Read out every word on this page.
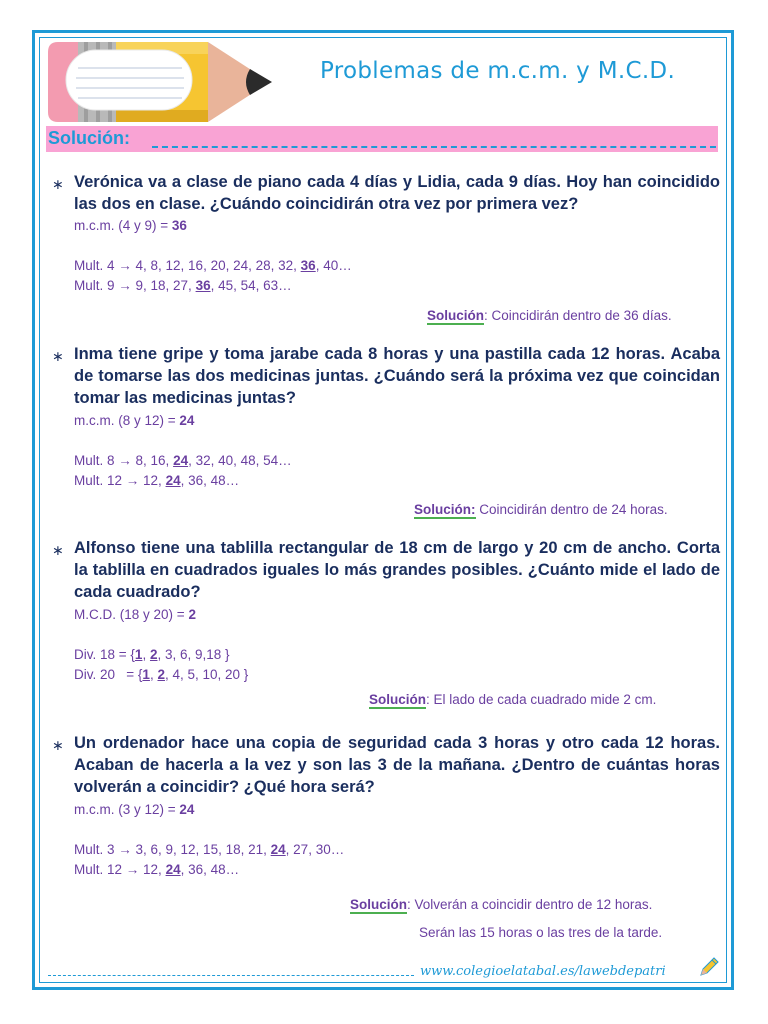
Problemas de m.c.m. y M.C.D.
Solución:
∗ Verónica va a clase de piano cada 4 días y Lidia, cada 9 días. Hoy han coincidido las dos en clase. ¿Cuándo coincidirán otra vez por primera vez?
m.c.m. (4 y 9) = 36
Mult. 4 → 4, 8, 12, 16, 20, 24, 28, 32, 36, 40…
Mult. 9 → 9, 18, 27, 36, 45, 54, 63…
Solución: Coincidirán dentro de 36 días.
∗ Inma tiene gripe y toma jarabe cada 8 horas y una pastilla cada 12 horas. Acaba de tomarse las dos medicinas juntas. ¿Cuándo será la próxima vez que coincidan tomar las medicinas juntas?
m.c.m. (8 y 12) = 24
Mult. 8 → 8, 16, 24, 32, 40, 48, 54…
Mult. 12 → 12, 24, 36, 48…
Solución: Coincidirán dentro de 24 horas.
∗ Alfonso tiene una tablilla rectangular de 18 cm de largo y 20 cm de ancho. Corta la tablilla en cuadrados iguales lo más grandes posibles. ¿Cuánto mide el lado de cada cuadrado?
M.C.D. (18 y 20) = 2
Div. 18 = {1, 2, 3, 6, 9,18 }
Div. 20   = {1, 2, 4, 5, 10, 20 }
Solución: El lado de cada cuadrado mide 2 cm.
∗ Un ordenador hace una copia de seguridad cada 3 horas y otro cada 12 horas. Acaban de hacerla a la vez y son las 3 de la mañana. ¿Dentro de cuántas horas volverán a coincidir? ¿Qué hora será?
m.c.m. (3 y 12) = 24
Mult. 3 → 3, 6, 9, 12, 15, 18, 21, 24, 27, 30…
Mult. 12 → 12, 24, 36, 48…
Solución: Volverán a coincidir dentro de 12 horas.
Serán las 15 horas o las tres de la tarde.
www.colegioelatabal.es/lawebdepatri
